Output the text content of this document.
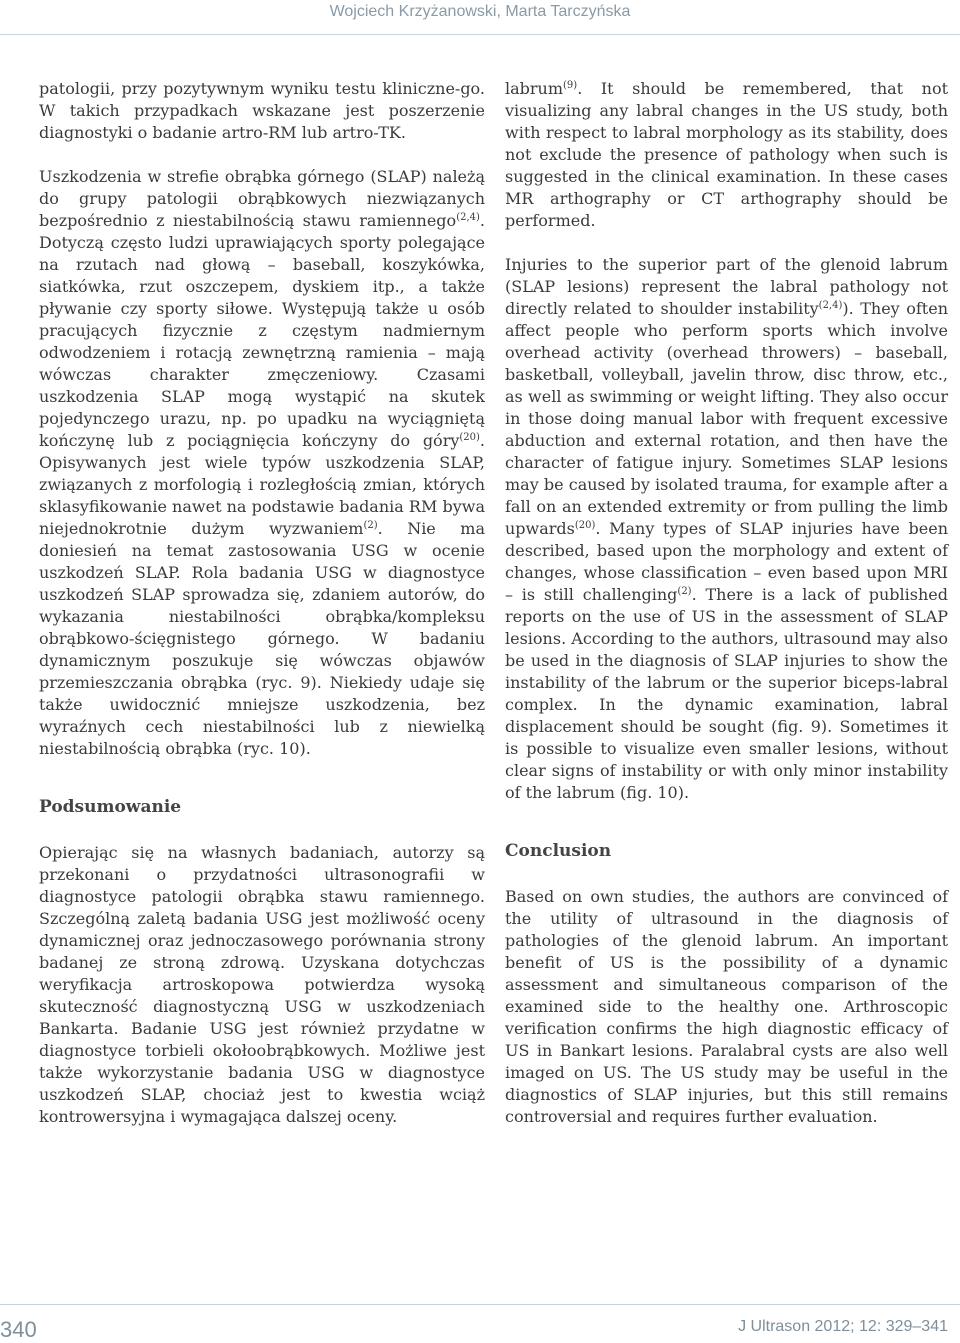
Wojciech Krzyżanowski, Marta Tarczyńska

patologii, przy pozytywnym wyniku testu kliniczne-go. W takich przypadkach wskazane jest poszerzenie diagnostyki o badanie artro-RM lub artro-TK.

Uszkodzenia w strefie obrąbka górnego (SLAP) należą do grupy patologii obrąbkowych niezwiązanych bezpośrednio z niestabilnością stawu ramiennego$^{(2,4)}$. Dotyczą często ludzi uprawiających sporty polegające na rzutach nad głową – baseball, koszykówka, siatkówka, rzut oszczepem, dyskiem itp., a także pływanie czy sporty siłowe. Występują także u osób pracujących fizycznie z częstym nadmiernym odwodzeniem i rotacją zewnętrzną ramienia – mają wówczas charakter zmęczeniowy. Czasami uszkodzenia SLAP mogą wystąpić na skutek pojedynczego urazu, np. po upadku na wyciągniętą kończynę lub z pociągnięcia kończyny do góry$^{(20)}$. Opisywanych jest wiele typów uszkodzenia SLAP, związanych z morfologią i rozległością zmian, których sklasyfikowanie nawet na podstawie badania RM bywa niejednokrotnie dużym wyzwaniem$^{(2)}$. Nie ma doniesień na temat zastosowania USG w ocenie uszkodzeń SLAP. Rola badania USG w diagnostyce uszkodzeń SLAP sprowadza się, zdaniem autorów, do wykazania niestabilności obrąbka/kompleksu obrąbkowo-ścięgnistego górnego. W badaniu dynamicznym poszukuje się wówczas objawów przemieszczania obrąbka (ryc. 9). Niekiedy udaje się także uwidocznić mniejsze uszkodzenia, bez wyraźnych cech niestabilności lub z niewielką niestabilnością obrąbka (ryc. 10).

Podsumowanie

Opierając się na własnych badaniach, autorzy są przekonani o przydatności ultrasonografii w diagnostyce patologii obrąbka stawu ramiennego. Szczególną zaletą badania USG jest możliwość oceny dynamicznej oraz jednoczasowego porównania strony badanej ze stroną zdrową. Uzyskana dotychczas weryfikacja artroskopowa potwierdza wysoką skuteczność diagnostyczną USG w uszkodzeniach Bankarta. Badanie USG jest również przydatne w diagnostyce torbieli okołoobrąbkowych. Możliwe jest także wykorzystanie badania USG w diagnostyce uszkodzeń SLAP, chociaż jest to kwestia wciąż kontrowersyjna i wymagająca dalszej oceny.

labrum$^{(9)}$. It should be remembered, that not visualizing any labral changes in the US study, both with respect to labral morphology as its stability, does not exclude the presence of pathology when such is suggested in the clinical examination. In these cases MR arthography or CT arthography should be performed.

Injuries to the superior part of the glenoid labrum (SLAP lesions) represent the labral pathology not directly related to shoulder instability$^{(2,4)}$). They often affect people who perform sports which involve overhead activity (overhead throwers) – baseball, basketball, volleyball, javelin throw, disc throw, etc., as well as swimming or weight lifting. They also occur in those doing manual labor with frequent excessive abduction and external rotation, and then have the character of fatigue injury. Sometimes SLAP lesions may be caused by isolated trauma, for example after a fall on an extended extremity or from pulling the limb upwards$^{(20)}$. Many types of SLAP injuries have been described, based upon the morphology and extent of changes, whose classification – even based upon MRI – is still challenging$^{(2)}$. There is a lack of published reports on the use of US in the assessment of SLAP lesions. According to the authors, ultrasound may also be used in the diagnosis of SLAP injuries to show the instability of the labrum or the superior biceps-labral complex. In the dynamic examination, labral displacement should be sought (fig. 9). Sometimes it is possible to visualize even smaller lesions, without clear signs of instability or with only minor instability of the labrum (fig. 10).

Conclusion

Based on own studies, the authors are convinced of the utility of ultrasound in the diagnosis of pathologies of the glenoid labrum. An important benefit of US is the possibility of a dynamic assessment and simultaneous comparison of the examined side to the healthy one. Arthroscopic verification confirms the high diagnostic efficacy of US in Bankart lesions. Paralabral cysts are also well imaged on US. The US study may be useful in the diagnostics of SLAP injuries, but this still remains controversial and requires further evaluation.

340	J Ultrason 2012; 12: 329–341
